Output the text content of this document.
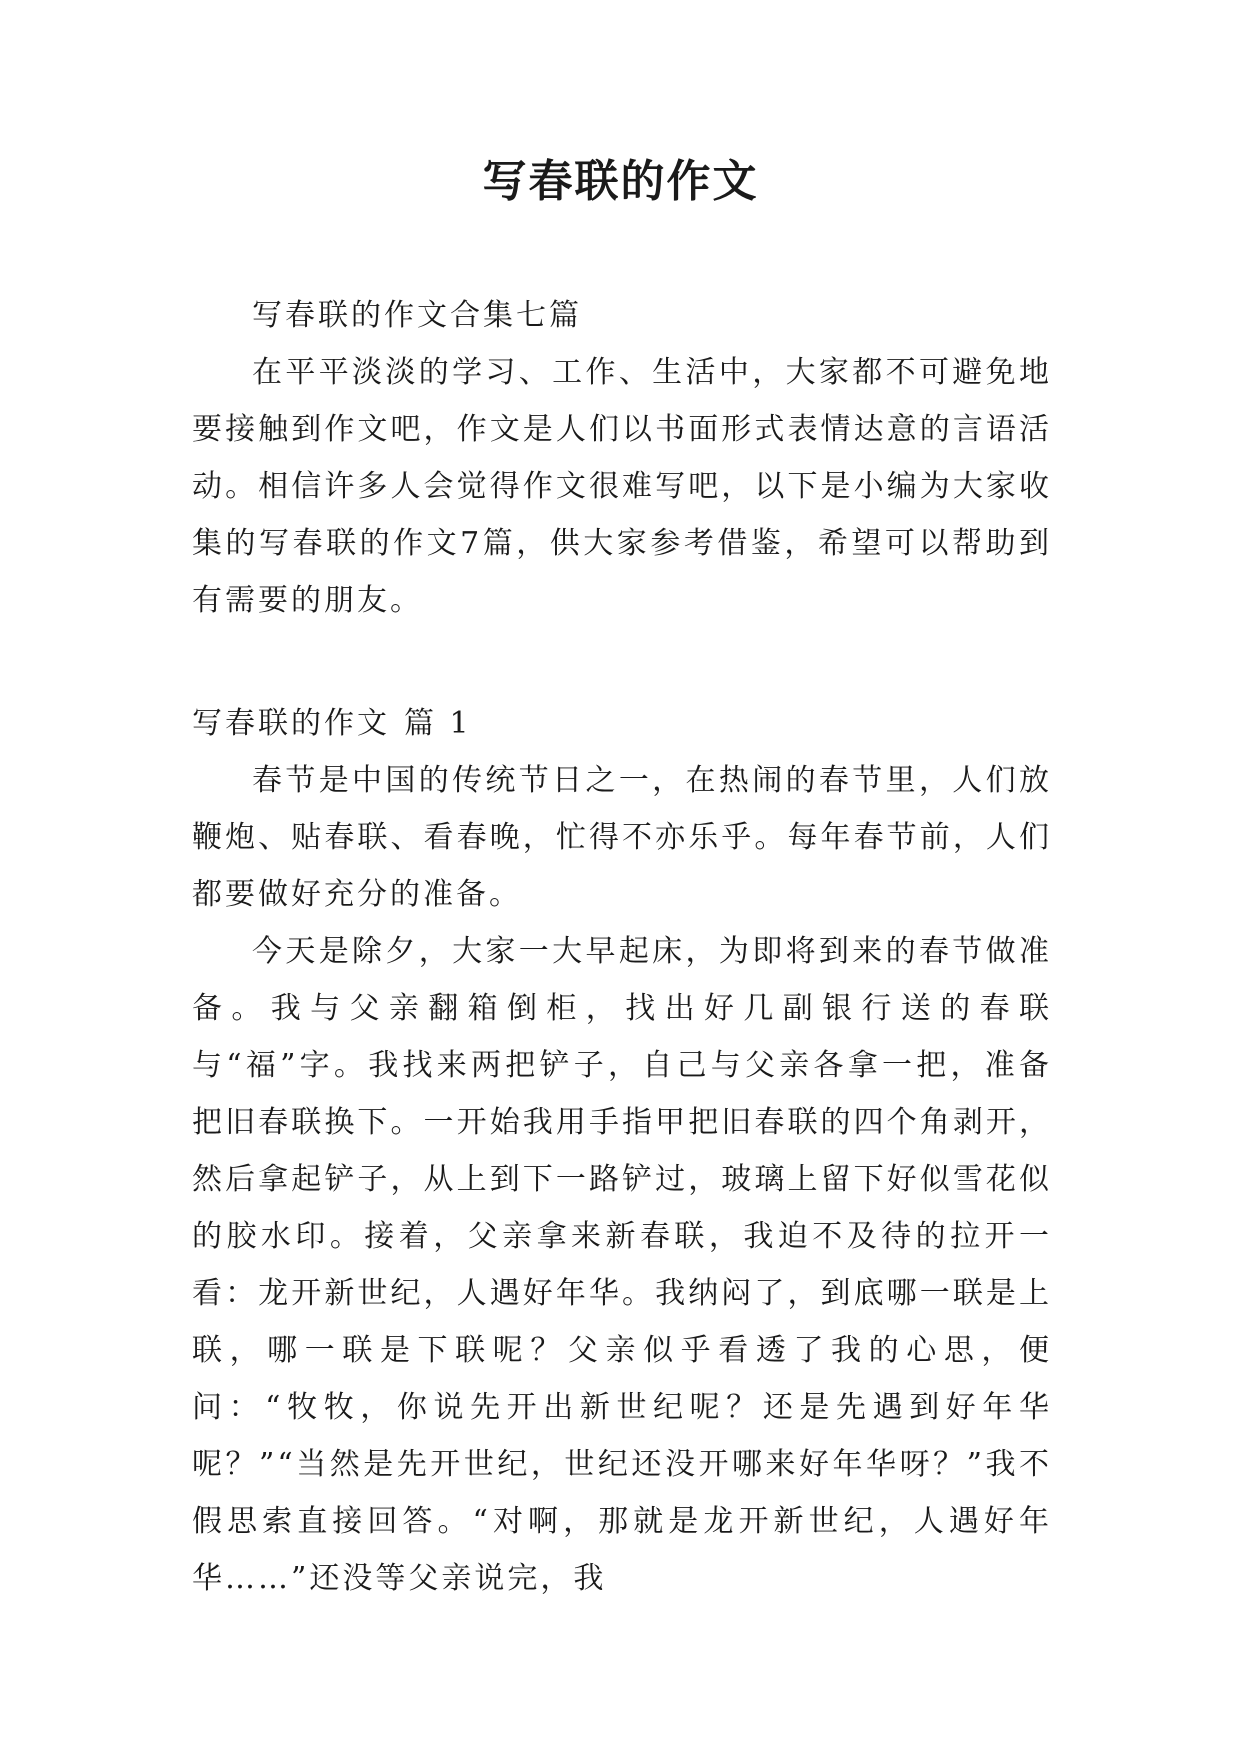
写春联的作文

写春联的作文合集七篇

在平平淡淡的学习、工作、生活中，大家都不可避免地要接触到作文吧，作文是人们以书面形式表情达意的言语活动。相信许多人会觉得作文很难写吧，以下是小编为大家收集的写春联的作文7篇，供大家参考借鉴，希望可以帮助到有需要的朋友。

写春联的作文 篇 1

春节是中国的传统节日之一，在热闹的春节里，人们放鞭炮、贴春联、看春晚，忙得不亦乐乎。每年春节前，人们都要做好充分的准备。

今天是除夕，大家一大早起床，为即将到来的春节做准备。我与父亲翻箱倒柜，找出好几副银行送的春联与“福”字。我找来两把铲子，自己与父亲各拿一把，准备把旧春联换下。一开始我用手指甲把旧春联的四个角剥开，然后拿起铲子，从上到下一路铲过，玻璃上留下好似雪花似的胶水印。接着，父亲拿来新春联，我迫不及待的拉开一看：龙开新世纪，人遇好年华。我纳闷了，到底哪一联是上联，哪一联是下联呢？父亲似乎看透了我的心思，便问：“牧牧，你说先开出新世纪呢？还是先遇到好年华呢？”“当然是先开世纪，世纪还没开哪来好年华呀？”我不假思索直接回答。“对啊，那就是龙开新世纪，人遇好年华……”还没等父亲说完，我
